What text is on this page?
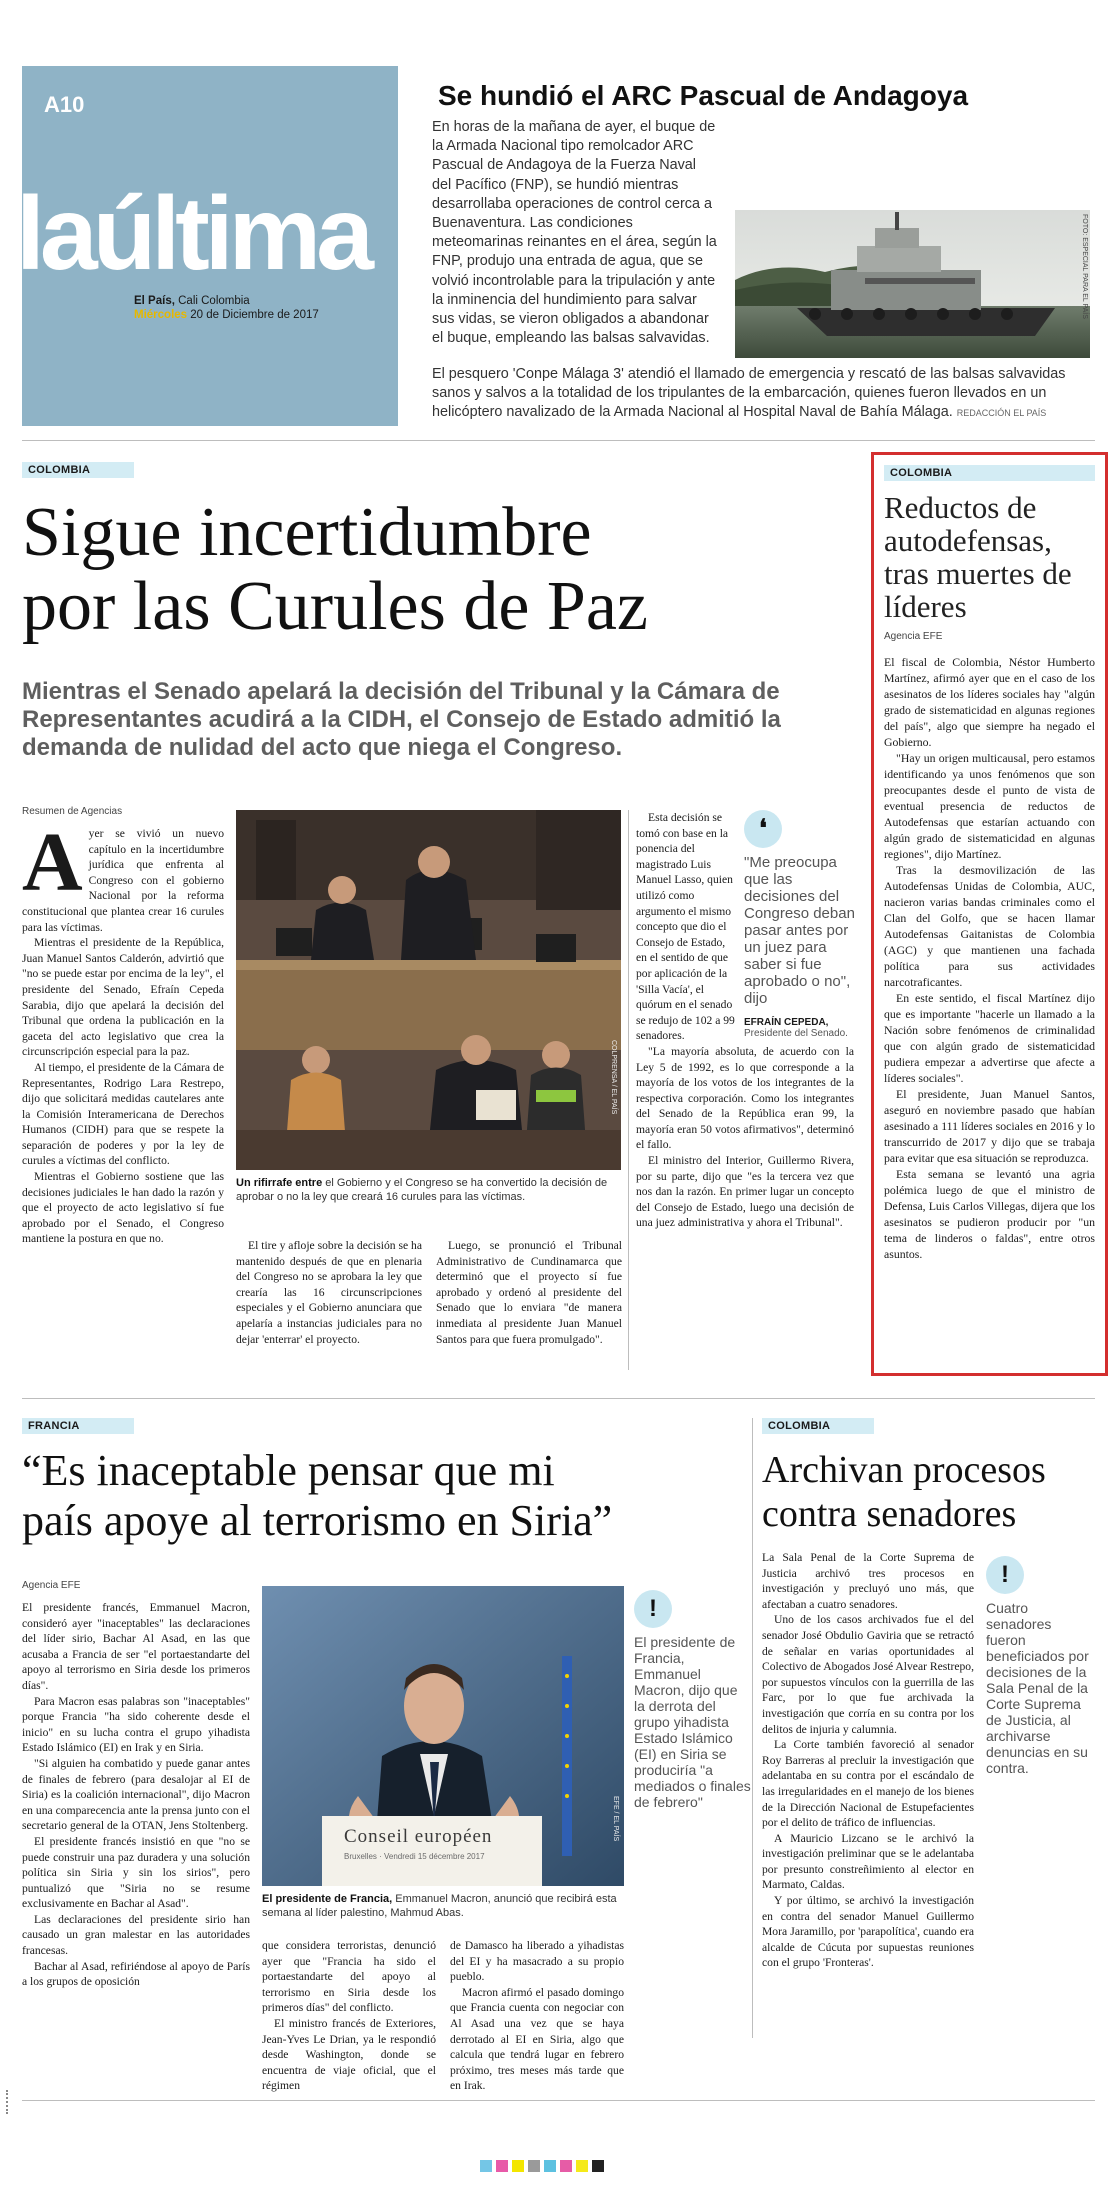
A10
laúltima
El País, Cali Colombia
Miércoles 20 de Diciembre de 2017
Se hundió el ARC Pascual de Andagoya
En horas de la mañana de ayer, el buque de la Armada Nacional tipo remolcador ARC Pascual de Andagoya de la Fuerza Naval del Pacífico (FNP), se hundió mientras desarrollaba operaciones de control cerca a Buenaventura. Las condiciones meteomarinas reinantes en el área, según la FNP, produjo una entrada de agua, que se volvió incontrolable para la tripulación y ante la inminencia del hundimiento para salvar sus vidas, se vieron obligados a abandonar el buque, empleando las balsas salvavidas.
FOTO: ESPECIAL PARA EL PAÍS
El pesquero 'Conpe Málaga 3' atendió el llamado de emergencia y rescató de las balsas salvavidas sanos y salvos a la totalidad de los tripulantes de la embarcación, quienes fueron llevados en un helicóptero navalizado de la Armada Nacional al Hospital Naval de Bahía Málaga. REDACCIÓN EL PAÍS
COLOMBIA
Sigue incertidumbre
por las Curules de Paz
Mientras el Senado apelará la decisión del Tribunal y la Cámara de Representantes acudirá a la CIDH, el Consejo de Estado admitió la demanda de nulidad del acto que niega el Congreso.
Resumen de Agencias
A yer se vivió un nuevo capítulo en la incertidumbre jurídica que enfrenta al Congreso con el gobierno Nacional por la reforma constitucional que plantea crear 16 curules para las víctimas.

Mientras el presidente de la República, Juan Manuel Santos Calderón, advirtió que "no se puede estar por encima de la ley", el presidente del Senado, Efraín Cepeda Sarabia, dijo que apelará la decisión del Tribunal que ordena la publicación en la gaceta del acto legislativo que crea la circunscripción especial para la paz.

Al tiempo, el presidente de la Cámara de Representantes, Rodrigo Lara Restrepo, dijo que solicitará medidas cautelares ante la Comisión Interamericana de Derechos Humanos (CIDH) para que se respete la separación de poderes y por la ley de curules a víctimas del conflicto.

Mientras el Gobierno sostiene que las decisiones judiciales le han dado la razón y que el proyecto de acto legislativo sí fue aprobado por el Senado, el Congreso mantiene la postura en que no.

COLPRENSA / EL PAÍS
Un rifirrafe entre el Gobierno y el Congreso se ha convertido la decisión de aprobar o no la ley que creará 16 curules para las víctimas.
El tire y afloje sobre la decisión se ha mantenido después de que en plenaria del Congreso no se aprobara la ley que crearía las 16 circunscripciones especiales y el Gobierno anunciara que apelaría a instancias judiciales para no dejar 'enterrar' el proyecto.
Luego, se pronunció el Tribunal Administrativo de Cundinamarca que determinó que el proyecto sí fue aprobado y ordenó al presidente del Senado que lo enviara "de manera inmediata al presidente Juan Manuel Santos para que fuera promulgado".
Esta decisión se tomó con base en la ponencia del magistrado Luis Manuel Lasso, quien utilizó como argumento el mismo concepto que dio el Consejo de Estado, en el sentido de que por aplicación de la 'Silla Vacía', el quórum en el senado se redujo de 102 a 99 senadores.

"La mayoría absoluta, de acuerdo con la Ley 5 de 1992, es lo que corresponde a la mayoría de los votos de los integrantes de la respectiva corporación. Como los integrantes del Senado de la República eran 99, la mayoría eran 50 votos afirmativos", determinó el fallo.

El ministro del Interior, Guillermo Rivera, por su parte, dijo que "es la tercera vez que nos dan la razón. En primer lugar un concepto del Consejo de Estado, luego una decisión de una juez administrativa y ahora el Tribunal".

❛
"Me preocupa que las decisiones del Congreso deban pasar antes por un juez para saber si fue aprobado o no", dijo
EFRAÍN CEPEDA,
Presidente del Senado.
COLOMBIA
Reductos de autodefensas, tras muertes de líderes
Agencia EFE

El fiscal de Colombia, Néstor Humberto Martínez, afirmó ayer que en el caso de los asesinatos de los líderes sociales hay "algún grado de sistematicidad en algunas regiones del país", algo que siempre ha negado el Gobierno.

"Hay un origen multicausal, pero estamos identificando ya unos fenómenos que son preocupantes desde el punto de vista de eventual presencia de reductos de Autodefensas que estarían actuando con algún grado de sistematicidad en algunas regiones", dijo Martínez.

Tras la desmovilización de las Autodefensas Unidas de Colombia, AUC, nacieron varias bandas criminales como el Clan del Golfo, que se hacen llamar Autodefensas Gaitanistas de Colombia (AGC) y que mantienen una fachada política para sus actividades narcotraficantes.

En este sentido, el fiscal Martínez dijo que es importante "hacerle un llamado a la Nación sobre fenómenos de criminalidad que con algún grado de sistematicidad pudiera empezar a advertirse que afecte a líderes sociales".

El presidente, Juan Manuel Santos, aseguró en noviembre pasado que habían asesinado a 111 líderes sociales en 2016 y lo transcurrido de 2017 y dijo que se trabaja para evitar que esa situación se reproduzca.

Esta semana se levantó una agria polémica luego de que el ministro de Defensa, Luis Carlos Villegas, dijera que los asesinatos se pudieron producir por "un tema de linderos o faldas", entre otros asuntos.

FRANCIA
“Es inaceptable pensar que mi
país apoye al terrorismo en Siria”
Agencia EFE

El presidente francés, Emmanuel Macron, consideró ayer "inaceptables" las declaraciones del líder sirio, Bachar Al Asad, en las que acusaba a Francia de ser "el portaestandarte del apoyo al terrorismo en Siria desde los primeros días".

Para Macron esas palabras son "inaceptables" porque Francia "ha sido coherente desde el inicio" en su lucha contra el grupo yihadista Estado Islámico (EI) en Irak y en Siria.

"Si alguien ha combatido y puede ganar antes de finales de febrero (para desalojar al EI de Siria) es la coalición internacional", dijo Macron en una comparecencia ante la prensa junto con el secretario general de la OTAN, Jens Stoltenberg.

El presidente francés insistió en que "no se puede construir una paz duradera y una solución política sin Siria y sin los sirios", pero puntualizó que "Siria no se resume exclusivamente en Bachar al Asad".

Las declaraciones del presidente sirio han causado un gran malestar en las autoridades francesas.

Bachar al Asad, refiriéndose al apoyo de París a los grupos de oposición

Conseil européen
Bruxelles · Vendredi 15 décembre 2017
EFE / EL PAÍS
El presidente de Francia, Emmanuel Macron, anunció que recibirá esta semana al líder palestino, Mahmud Abas.

que considera terroristas, denunció ayer que "Francia ha sido el portaestandarte del apoyo al terrorismo en Siria desde los primeros días" del conflicto.

El ministro francés de Exteriores, Jean-Yves Le Drian, ya le respondió desde Washington, donde se encuentra de viaje oficial, que el régimen

de Damasco ha liberado a yihadistas del EI y ha masacrado a su propio pueblo.

Macron afirmó el pasado domingo que Francia cuenta con negociar con Al Asad una vez que se haya derrotado al EI en Siria, algo que calcula que tendrá lugar en febrero próximo, tres meses más tarde que en Irak.

!
El presidente de Francia, Emmanuel Macron, dijo que la derrota del grupo yihadista Estado Islámico (EI) en Siria se produciría "a mediados o finales de febrero"
COLOMBIA
Archivan procesos contra senadores

La Sala Penal de la Corte Suprema de Justicia archivó tres procesos en investigación y precluyó uno más, que afectaban a cuatro senadores.

Uno de los casos archivados fue el del senador José Obdulio Gaviria que se retractó de señalar en varias oportunidades al Colectivo de Abogados José Alvear Restrepo, por supuestos vínculos con la guerrilla de las Farc, por lo que fue archivada la investigación que corría en su contra por los delitos de injuria y calumnia.

La Corte también favoreció al senador Roy Barreras al precluir la investigación que adelantaba en su contra por el escándalo de las irregularidades en el manejo de los bienes de la Dirección Nacional de Estupefacientes por el delito de tráfico de influencias.

A Mauricio Lizcano se le archivó la investigación preliminar que se le adelantaba por presunto constreñimiento al elector en Marmato, Caldas.

Y por último, se archivó la investigación en contra del senador Manuel Guillermo Mora Jaramillo, por 'parapolítica', cuando era alcalde de Cúcuta por supuestas reuniones con el grupo 'Fronteras'.

!
Cuatro senadores fueron beneficiados por decisiones de la Sala Penal de la Corte Suprema de Justicia, al archivarse denuncias en su contra.
